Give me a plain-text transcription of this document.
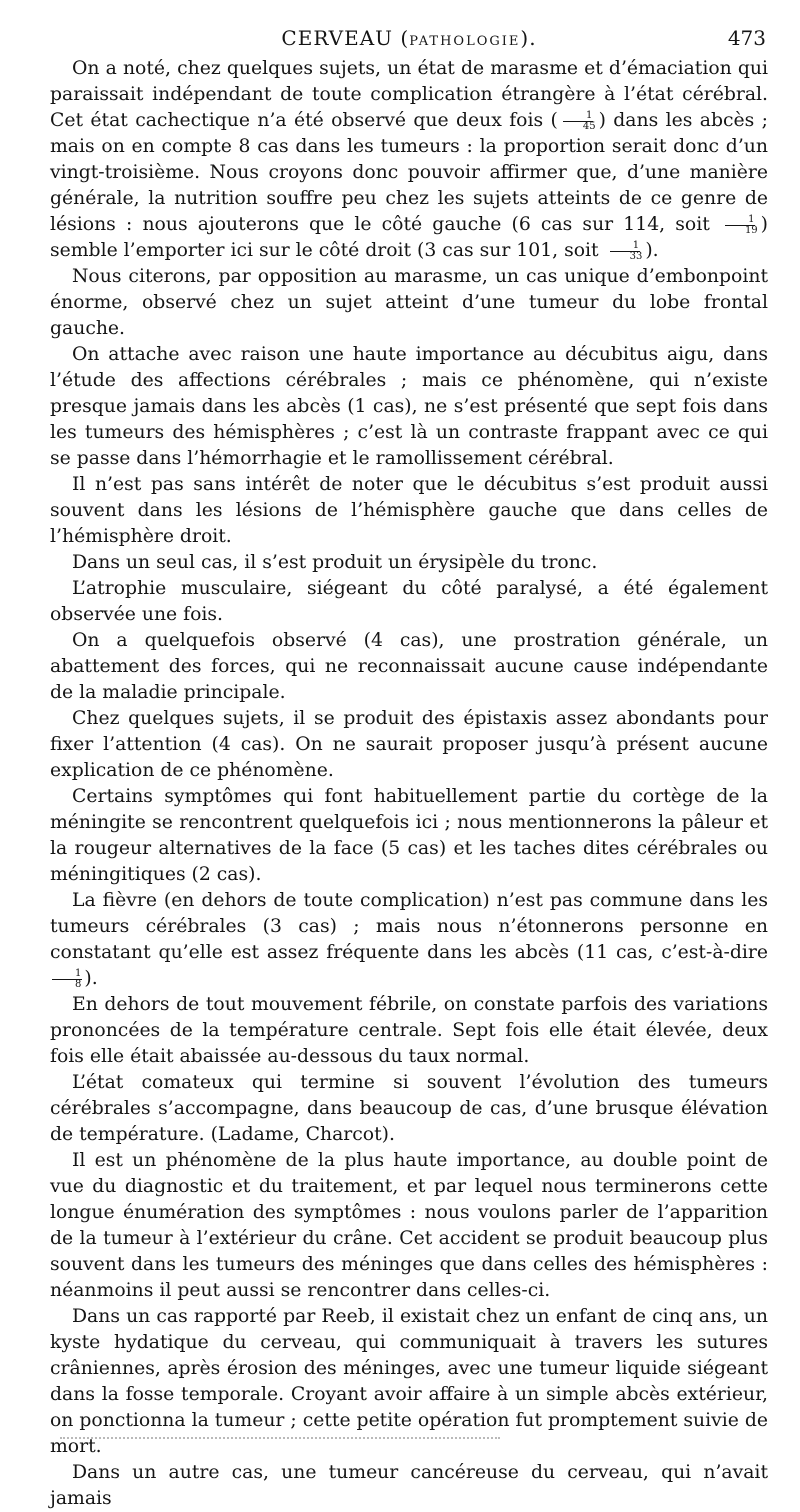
CERVEAU (PATHOLOGIE).	473

On a noté, chez quelques sujets, un état de marasme et d’émaciation qui paraissait indépendant de toute complication étrangère à l’état cérébral. Cet état cachectique n’a été observé que deux fois ( $\frac{1}{45}$ ) dans les abcès ; mais on en compte 8 cas dans les tumeurs : la proportion serait donc d’un vingt-troisième. Nous croyons donc pouvoir affirmer que, d’une manière générale, la nutrition souffre peu chez les sujets atteints de ce genre de lésions : nous ajouterons que le côté gauche (6 cas sur 114, soit $\frac{1}{19}$ ) semble l’emporter ici sur le côté droit (3 cas sur 101, soit $\frac{1}{33}$ ).

Nous citerons, par opposition au marasme, un cas unique d’embonpoint énorme, observé chez un sujet atteint d’une tumeur du lobe frontal gauche.

On attache avec raison une haute importance au décubitus aigu, dans l’étude des affections cérébrales ; mais ce phénomène, qui n’existe presque jamais dans les abcès (1 cas), ne s’est présenté que sept fois dans les tumeurs des hémisphères ; c’est là un contraste frappant avec ce qui se passe dans l’hémorrhagie et le ramollissement cérébral.

Il n’est pas sans intérêt de noter que le décubitus s’est produit aussi souvent dans les lésions de l’hémisphère gauche que dans celles de l’hémisphère droit.

Dans un seul cas, il s’est produit un érysipèle du tronc.

L’atrophie musculaire, siégeant du côté paralysé, a été également observée une fois.

On a quelquefois observé (4 cas), une prostration générale, un abattement des forces, qui ne reconnaissait aucune cause indépendante de la maladie principale.

Chez quelques sujets, il se produit des épistaxis assez abondants pour fixer l’attention (4 cas). On ne saurait proposer jusqu’à présent aucune explication de ce phénomène.

Certains symptômes qui font habituellement partie du cortège de la méningite se rencontrent quelquefois ici ; nous mentionnerons la pâleur et la rougeur alternatives de la face (5 cas) et les taches dites cérébrales ou méningitiques (2 cas).

La fièvre (en dehors de toute complication) n’est pas commune dans les tumeurs cérébrales (3 cas) ; mais nous n’étonnerons personne en constatant qu’elle est assez fréquente dans les abcès (11 cas, c’est-à-dire
$\frac{1}{8}$ ).

En dehors de tout mouvement fébrile, on constate parfois des variations prononcées de la température centrale. Sept fois elle était élevée, deux fois elle était abaissée au-dessous du taux normal.

L’état comateux qui termine si souvent l’évolution des tumeurs cérébrales s’accompagne, dans beaucoup de cas, d’une brusque élévation de température. (Ladame, Charcot).

Il est un phénomène de la plus haute importance, au double point de vue du diagnostic et du traitement, et par lequel nous terminerons cette longue énumération des symptômes : nous voulons parler de l’apparition de la tumeur à l’extérieur du crâne. Cet accident se produit beaucoup plus souvent dans les tumeurs des méninges que dans celles des hémisphères : néanmoins il peut aussi se rencontrer dans celles-ci.

Dans un cas rapporté par Reeb, il existait chez un enfant de cinq ans, un kyste hydatique du cerveau, qui communiquait à travers les sutures crâniennes, après érosion des méninges, avec une tumeur liquide siégeant dans la fosse temporale. Croyant avoir affaire à un simple abcès extérieur, on ponctionna la tumeur ; cette petite opération fut promptement suivie de mort.

Dans un autre cas, une tumeur cancéreuse du cerveau, qui n’avait jamais
